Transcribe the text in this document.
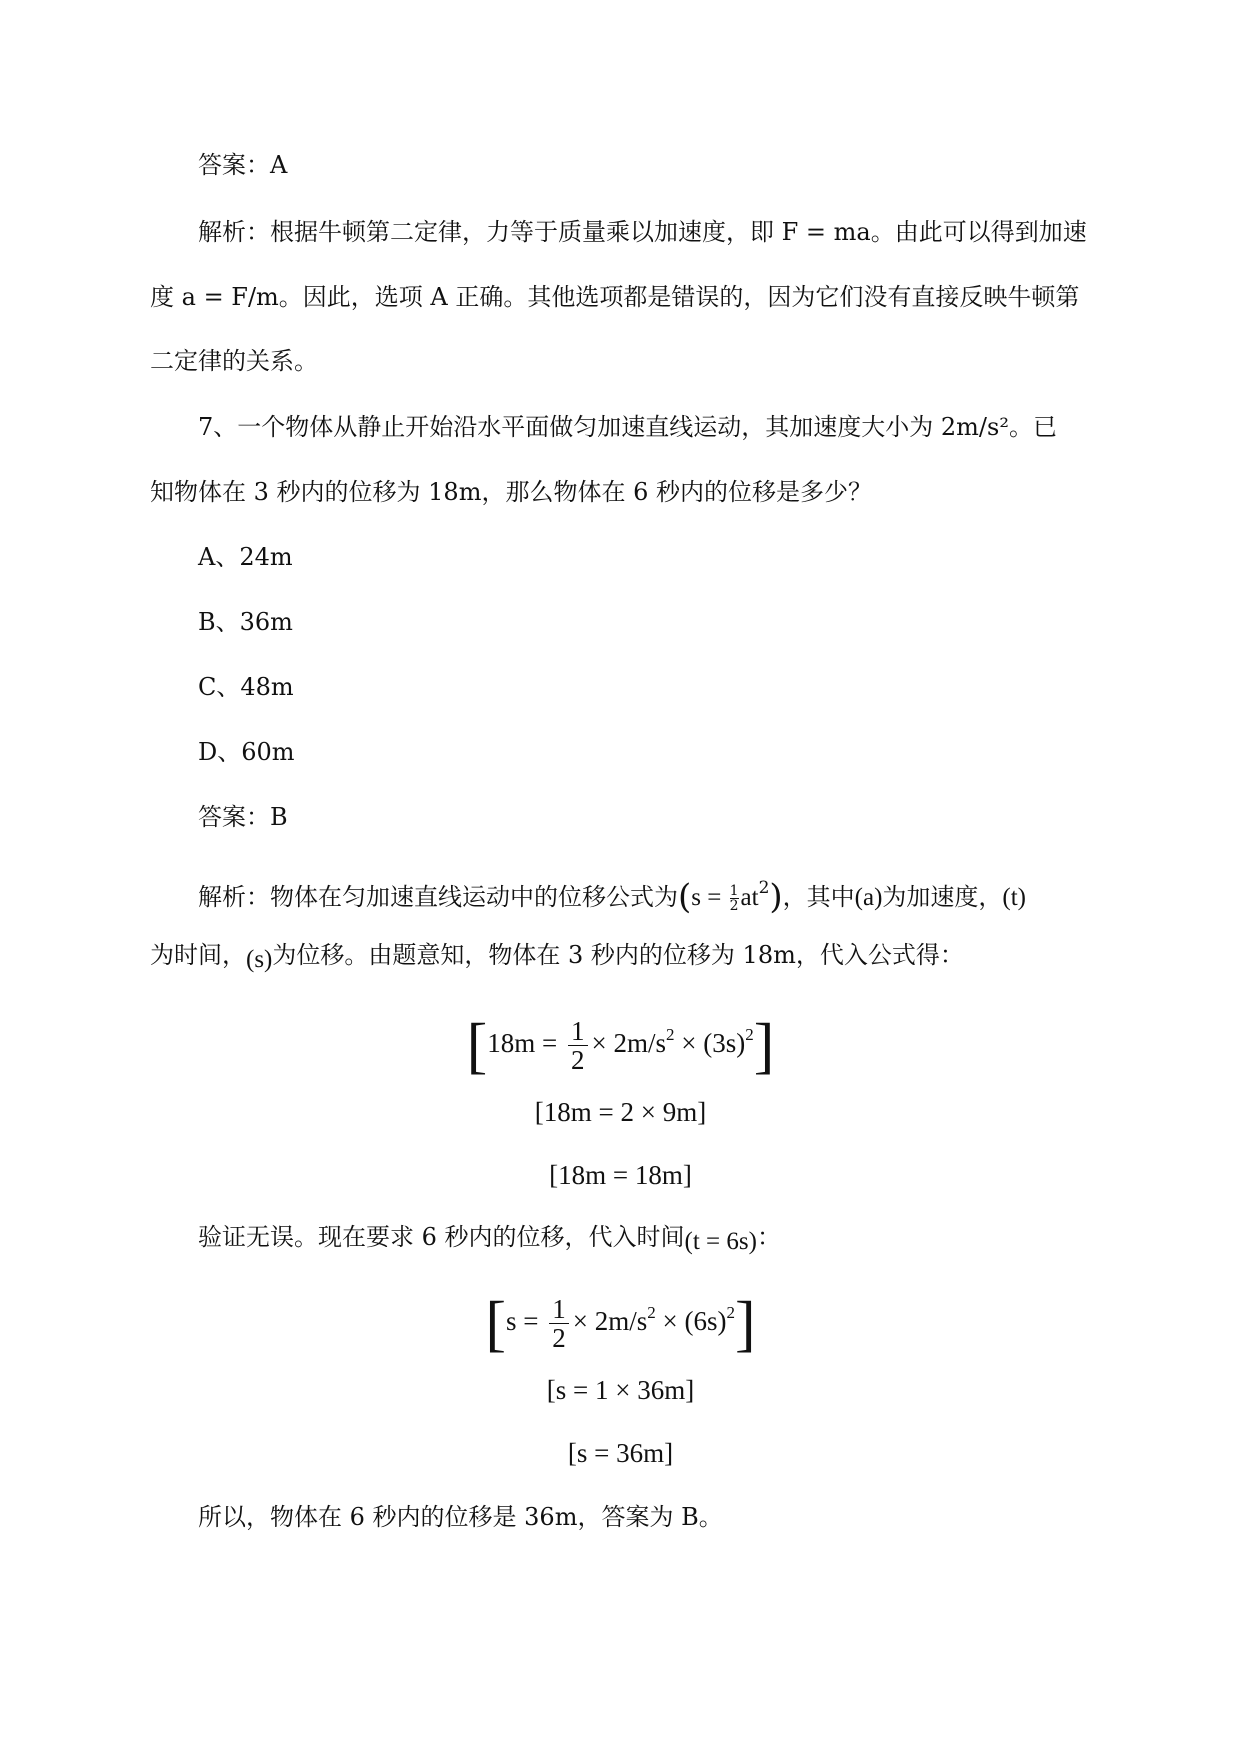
答案：A
解析：根据牛顿第二定律，力等于质量乘以加速度，即 F = ma。由此可以得到加速
度 a = F/m。因此，选项 A 正确。其他选项都是错误的，因为它们没有直接反映牛顿第
二定律的关系。
7、一个物体从静止开始沿水平面做匀加速直线运动，其加速度大小为 2m/s²。已
知物体在 3 秒内的位移为 18m，那么物体在 6 秒内的位移是多少？
A、24m
B、36m
C、48m
D、60m
答案：B
解析：物体在匀加速直线运动中的位移公式为$(s = \frac{1}{2} at^2)$，其中(a)为加速度，(t)
为时间，(s)为位移。由题意知，物体在 3 秒内的位移为 18m，代入公式得：
$[18m = \frac{1}{2} \times 2m/s^2 \times (3s)^2]$
[18m = 2 × 9m]
[18m = 18m]
验证无误。现在要求 6 秒内的位移，代入时间(t = 6s)：
$[s = \frac{1}{2} \times 2m/s^2 \times (6s)^2]$
[s = 1 × 36m]
[s = 36m]
所以，物体在 6 秒内的位移是 36m，答案为 B。
